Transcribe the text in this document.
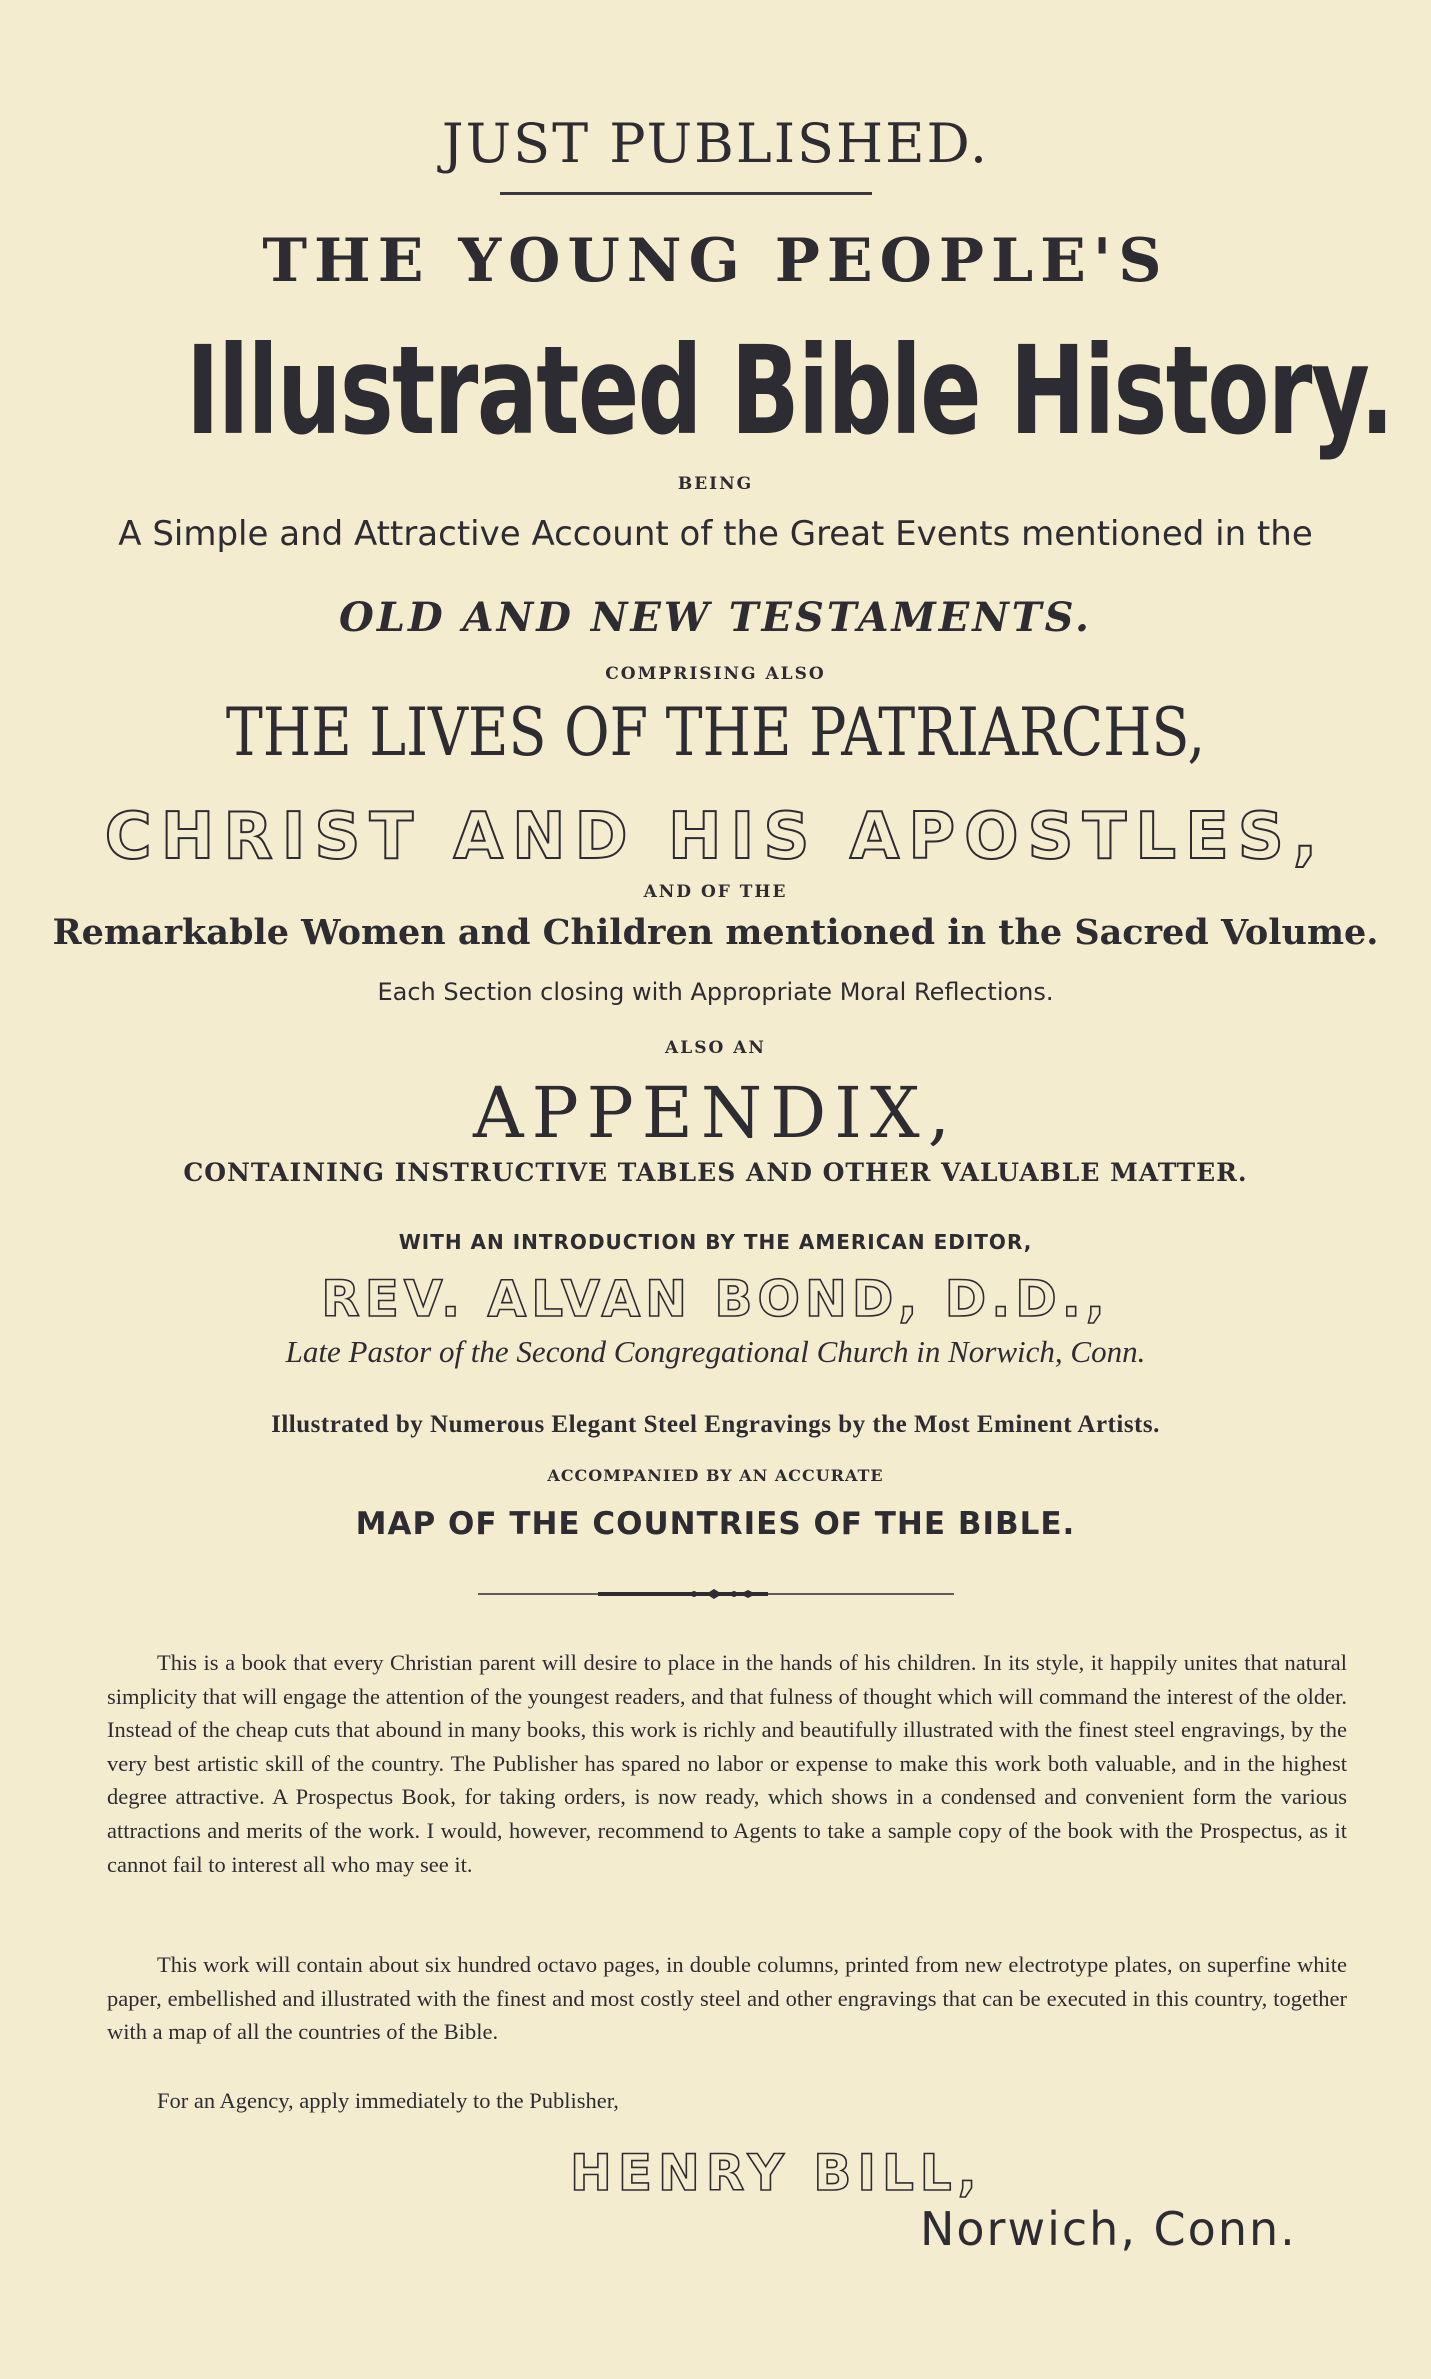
JUST PUBLISHED.
THE YOUNG PEOPLE'S
Illustrated Bible History.
BEING
A Simple and Attractive Account of the Great Events mentioned in the
OLD AND NEW TESTAMENTS.
COMPRISING ALSO
THE LIVES OF THE PATRIARCHS,
CHRIST AND HIS APOSTLES,
AND OF THE
Remarkable Women and Children mentioned in the Sacred Volume.
Each Section closing with Appropriate Moral Reflections.
ALSO AN
APPENDIX,
CONTAINING INSTRUCTIVE TABLES AND OTHER VALUABLE MATTER.
WITH AN INTRODUCTION BY THE AMERICAN EDITOR,
REV. ALVAN BOND, D.D.,
Late Pastor of the Second Congregational Church in Norwich, Conn.
Illustrated by Numerous Elegant Steel Engravings by the Most Eminent Artists.
ACCOMPANIED BY AN ACCURATE
MAP OF THE COUNTRIES OF THE BIBLE.
This is a book that every Christian parent will desire to place in the hands of his children. In its style, it happily unites that natural simplicity that will engage the attention of the youngest readers, and that fulness of thought which will command the interest of the older. Instead of the cheap cuts that abound in many books, this work is richly and beautifully illustrated with the finest steel engravings, by the very best artistic skill of the country. The Publisher has spared no labor or expense to make this work both valuable, and in the highest degree attractive. A Prospectus Book, for taking orders, is now ready, which shows in a condensed and convenient form the various attractions and merits of the work. I would, however, recommend to Agents to take a sample copy of the book with the Prospectus, as it cannot fail to interest all who may see it.
This work will contain about six hundred octavo pages, in double columns, printed from new electrotype plates, on superfine white paper, embellished and illustrated with the finest and most costly steel and other engravings that can be executed in this country, together with a map of all the countries of the Bible.
For an Agency, apply immediately to the Publisher,
HENRY BILL,
Norwich, Conn.
